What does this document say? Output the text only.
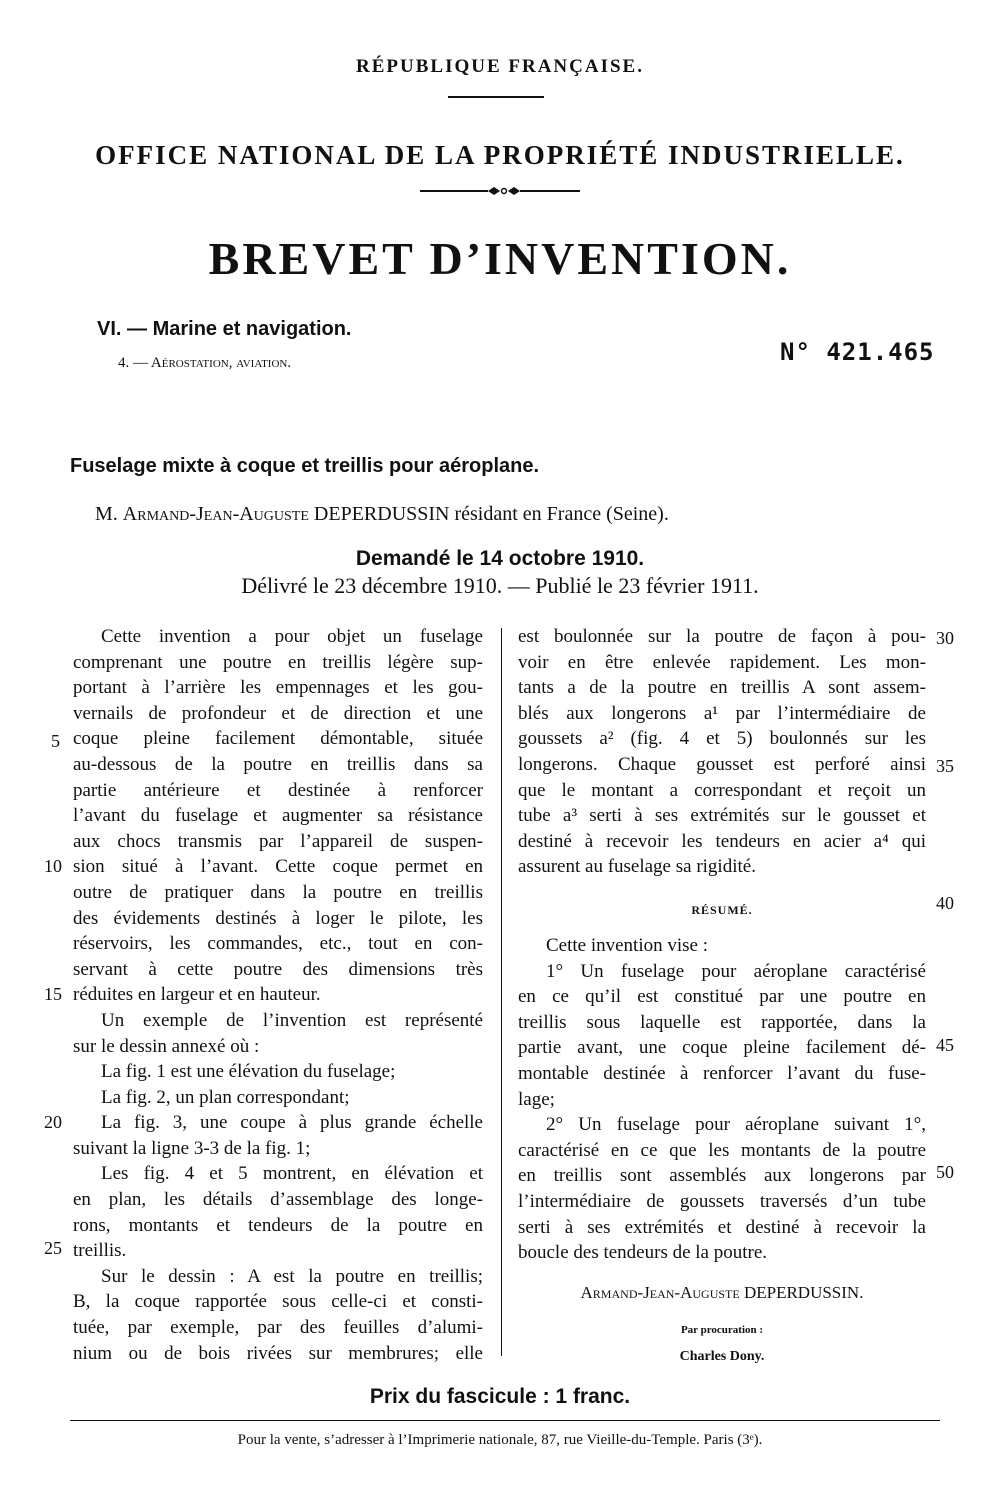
RÉPUBLIQUE FRANÇAISE.
OFFICE NATIONAL DE LA PROPRIÉTÉ INDUSTRIELLE.
BREVET D’INVENTION.
VI. — Marine et navigation.
4. — Aérostation, aviation.	N° 421.465
Fuselage mixte à coque et treillis pour aéroplane.
M. Armand-Jean-Auguste DEPERDUSSIN résidant en France (Seine).
Demandé le 14 octobre 1910.
Délivré le 23 décembre 1910. — Publié le 23 février 1911.
Cette invention a pour objet un fuselage
comprenant une poutre en treillis légère sup-
portant à l’arrière les empennages et les gou-
vernails de profondeur et de direction et une
coque pleine facilement démontable, située
au-dessous de la poutre en treillis dans sa
partie antérieure et destinée à renforcer
l’avant du fuselage et augmenter sa résistance
aux chocs transmis par l’appareil de suspen-
sion situé à l’avant. Cette coque permet en
outre de pratiquer dans la poutre en treillis
des évidements destinés à loger le pilote, les
réservoirs, les commandes, etc., tout en con-
servant à cette poutre des dimensions très
réduites en largeur et en hauteur.
Un exemple de l’invention est représenté
sur le dessin annexé où :
La fig. 1 est une élévation du fuselage;
La fig. 2, un plan correspondant;
La fig. 3, une coupe à plus grande échelle
suivant la ligne 3-3 de la fig. 1;
Les fig. 4 et 5 montrent, en élévation et
en plan, les détails d’assemblage des longe-
rons, montants et tendeurs de la poutre en
treillis.
Sur le dessin : A est la poutre en treillis;
B, la coque rapportée sous celle-ci et consti-
tuée, par exemple, par des feuilles d’alumi-
nium ou de bois rivées sur membrures; elle
est boulonnée sur la poutre de façon à pou-
voir en être enlevée rapidement. Les mon-
tants a de la poutre en treillis A sont assem-
blés aux longerons a¹ par l’intermédiaire de
goussets a² (fig. 4 et 5) boulonnés sur les
longerons. Chaque gousset est perforé ainsi
que le montant a correspondant et reçoit un
tube a³ serti à ses extrémités sur le gousset et
destiné à recevoir les tendeurs en acier a⁴ qui
assurent au fuselage sa rigidité.
RÉSUMÉ.
Cette invention vise :
1° Un fuselage pour aéroplane caractérisé
en ce qu’il est constitué par une poutre en
treillis sous laquelle est rapportée, dans la
partie avant, une coque pleine facilement dé-
montable destinée à renforcer l’avant du fuse-
lage;
2° Un fuselage pour aéroplane suivant 1°,
caractérisé en ce que les montants de la poutre
en treillis sont assemblés aux longerons par
l’intermédiaire de goussets traversés d’un tube
serti à ses extrémités et destiné à recevoir la
boucle des tendeurs de la poutre.
5
10
15
20
25
30
35
40
45
50
Armand-Jean-Auguste DEPERDUSSIN.
Par procuration :
Charles Dony.
Prix du fascicule : 1 franc.
Pour la vente, s’adresser à l’Imprimerie nationale, 87, rue Vieille-du-Temple. Paris (3ᵉ).
